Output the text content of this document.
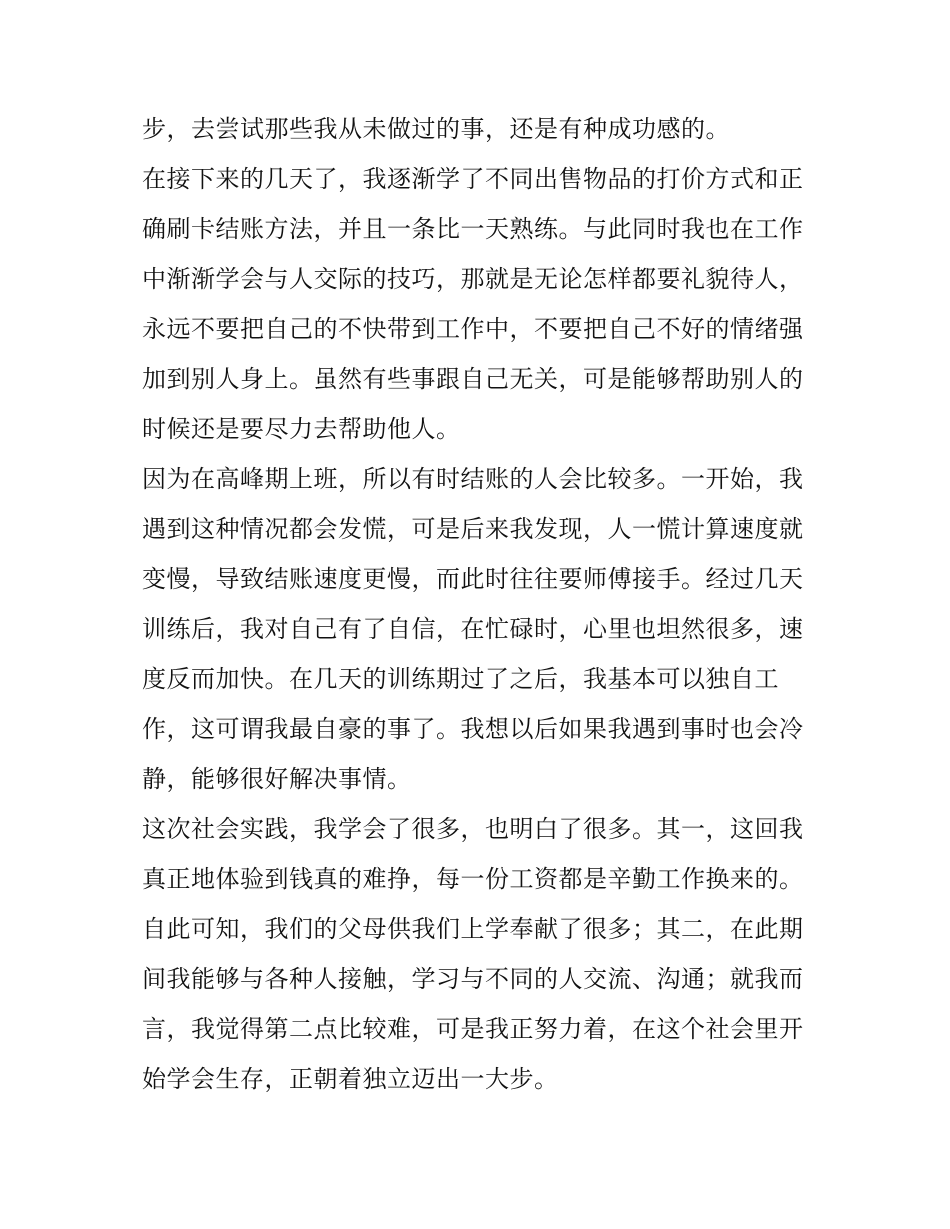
步，去尝试那些我从未做过的事，还是有种成功感的。
在接下来的几天了，我逐渐学了不同出售物品的打价方式和正
确刷卡结账方法，并且一条比一天熟练。与此同时我也在工作
中渐渐学会与人交际的技巧，那就是无论怎样都要礼貌待人，
永远不要把自己的不快带到工作中，不要把自己不好的情绪强
加到别人身上。虽然有些事跟自己无关，可是能够帮助别人的
时候还是要尽力去帮助他人。
因为在高峰期上班，所以有时结账的人会比较多。一开始，我
遇到这种情况都会发慌，可是后来我发现，人一慌计算速度就
变慢，导致结账速度更慢，而此时往往要师傅接手。经过几天
训练后，我对自己有了自信，在忙碌时，心里也坦然很多，速
度反而加快。在几天的训练期过了之后，我基本可以独自工
作，这可谓我最自豪的事了。我想以后如果我遇到事时也会冷
静，能够很好解决事情。
这次社会实践，我学会了很多，也明白了很多。其一，这回我
真正地体验到钱真的难挣，每一份工资都是辛勤工作换来的。
自此可知，我们的父母供我们上学奉献了很多；其二，在此期
间我能够与各种人接触，学习与不同的人交流、沟通；就我而
言，我觉得第二点比较难，可是我正努力着，在这个社会里开
始学会生存，正朝着独立迈出一大步。
